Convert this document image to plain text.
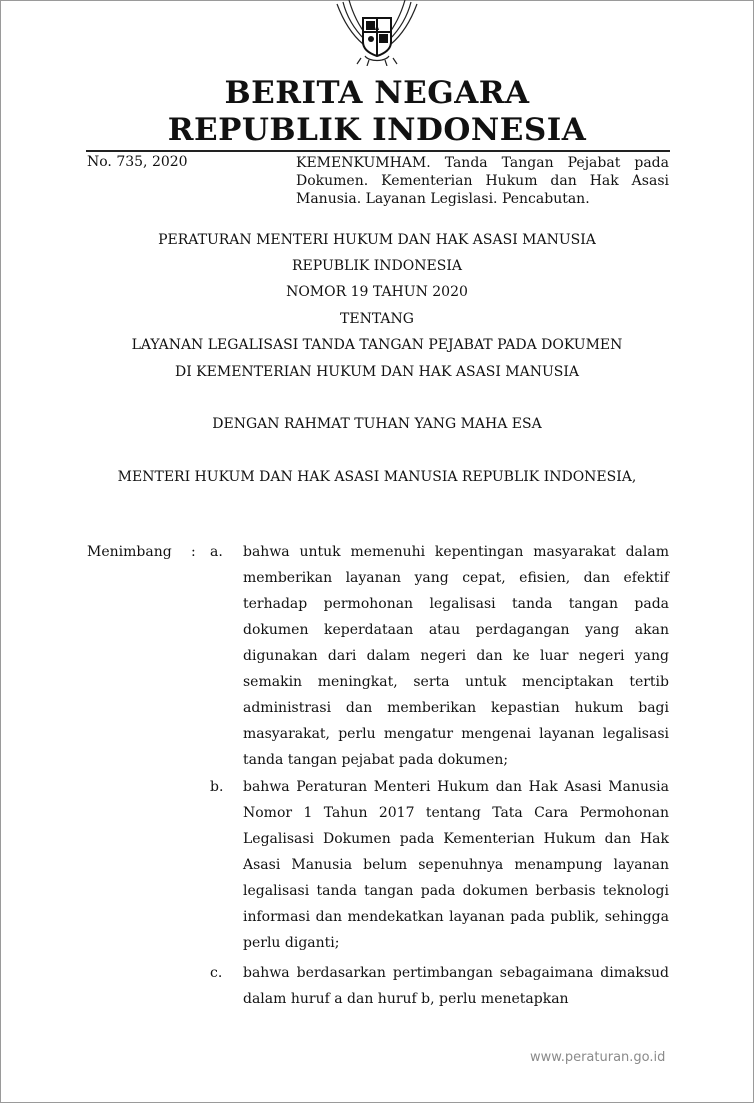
BERITA NEGARA
REPUBLIK INDONESIA
No. 735, 2020	KEMENKUMHAM. Tanda Tangan Pejabat pada Dokumen. Kementerian Hukum dan Hak Asasi Manusia. Layanan Legislasi. Pencabutan.
PERATURAN MENTERI HUKUM DAN HAK ASASI MANUSIA
REPUBLIK INDONESIA
NOMOR 19 TAHUN 2020
TENTANG
LAYANAN LEGALISASI TANDA TANGAN PEJABAT PADA DOKUMEN
DI KEMENTERIAN HUKUM DAN HAK ASASI MANUSIA
DENGAN RAHMAT TUHAN YANG MAHA ESA
MENTERI HUKUM DAN HAK ASASI MANUSIA REPUBLIK INDONESIA,
Menimbang : a. bahwa untuk memenuhi kepentingan masyarakat dalam memberikan layanan yang cepat, efisien, dan efektif terhadap permohonan legalisasi tanda tangan pada dokumen keperdataan atau perdagangan yang akan digunakan dari dalam negeri dan ke luar negeri yang semakin meningkat, serta untuk menciptakan tertib administrasi dan memberikan kepastian hukum bagi masyarakat, perlu mengatur mengenai layanan legalisasi tanda tangan pejabat pada dokumen;
b. bahwa Peraturan Menteri Hukum dan Hak Asasi Manusia Nomor 1 Tahun 2017 tentang Tata Cara Permohonan Legalisasi Dokumen pada Kementerian Hukum dan Hak Asasi Manusia belum sepenuhnya menampung layanan legalisasi tanda tangan pada dokumen berbasis teknologi informasi dan mendekatkan layanan pada publik, sehingga perlu diganti;
c. bahwa berdasarkan pertimbangan sebagaimana dimaksud dalam huruf a dan huruf b, perlu menetapkan
www.peraturan.go.id
